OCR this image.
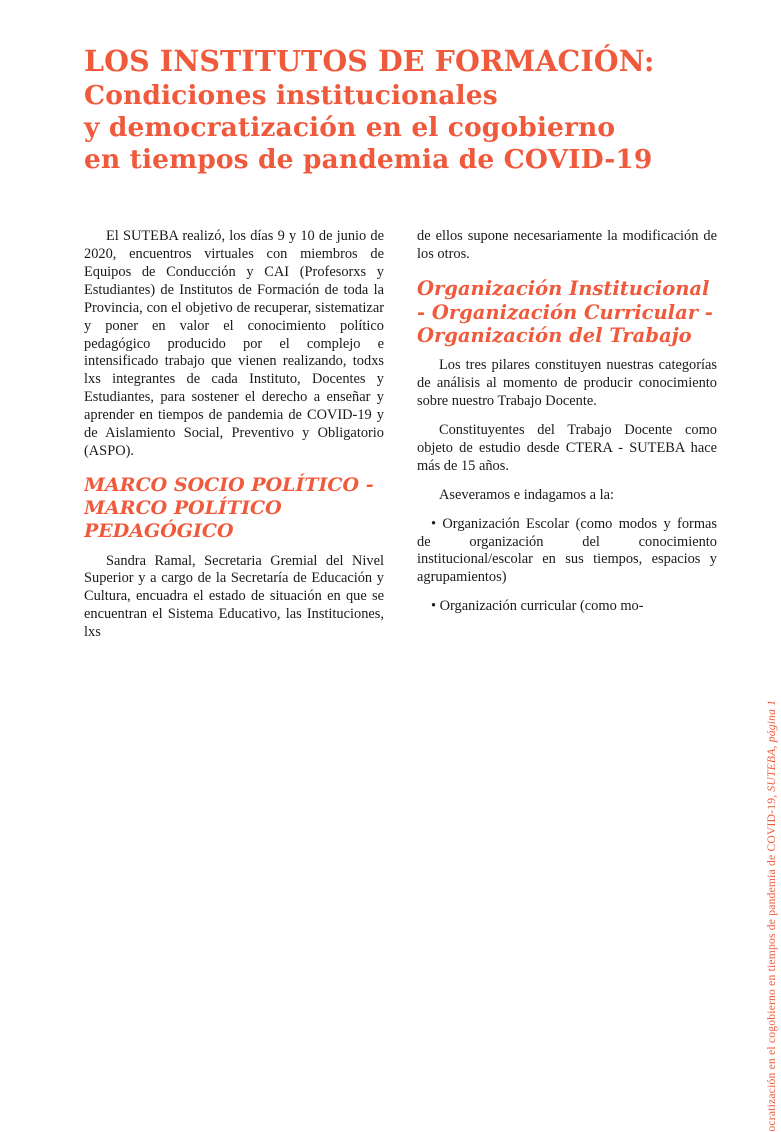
LOS INSTITUTOS DE FORMACIÓN:
Condiciones institucionales
y democratización en el cogobierno
en tiempos de pandemia de COVID-19

El SUTEBA realizó, los días 9 y 10 de junio de 2020, encuentros virtuales con miembros de Equipos de Conducción y CAI (Profesorxs y Estudiantes) de Institutos de Formación de toda la Provincia, con el objetivo de recuperar, sistematizar y poner en valor el conocimiento político pedagógico producido por el complejo e intensificado trabajo que vienen realizando, todxs lxs integrantes de cada Instituto, Docentes y Estudiantes, para sostener el derecho a enseñar y aprender en tiempos de pandemia de COVID-19 y de Aislamiento Social, Preventivo y Obligatorio (ASPO).

MARCO SOCIO POLÍTICO - MARCO POLÍTICO PEDAGÓGICO

Sandra Ramal, Secretaria Gremial del Nivel Superior y a cargo de la Secretaría de Educación y Cultura, encuadra el estado de situación en que se encuentran el Sistema Educativo, las Instituciones, lxs

de ellos supone necesariamente la modificación de los otros.

Organización Institucional - Organización Curricular - Organización del Trabajo

Los tres pilares constituyen nuestras categorías de análisis al momento de producir conocimiento sobre nuestro Trabajo Docente.

Constituyentes del Trabajo Docente como objeto de estudio desde CTERA - SUTEBA hace más de 15 años.

Aseveramos e indagamos a la:

• Organización Escolar (como modos y formas de organización del conocimiento institucional/escolar en sus tiempos, espacios y agrupamientos)

• Organización curricular (como mo-

ocratización en el cogobierno en tiempos de pandemia de COVID-19, SUTEBA, página 1
